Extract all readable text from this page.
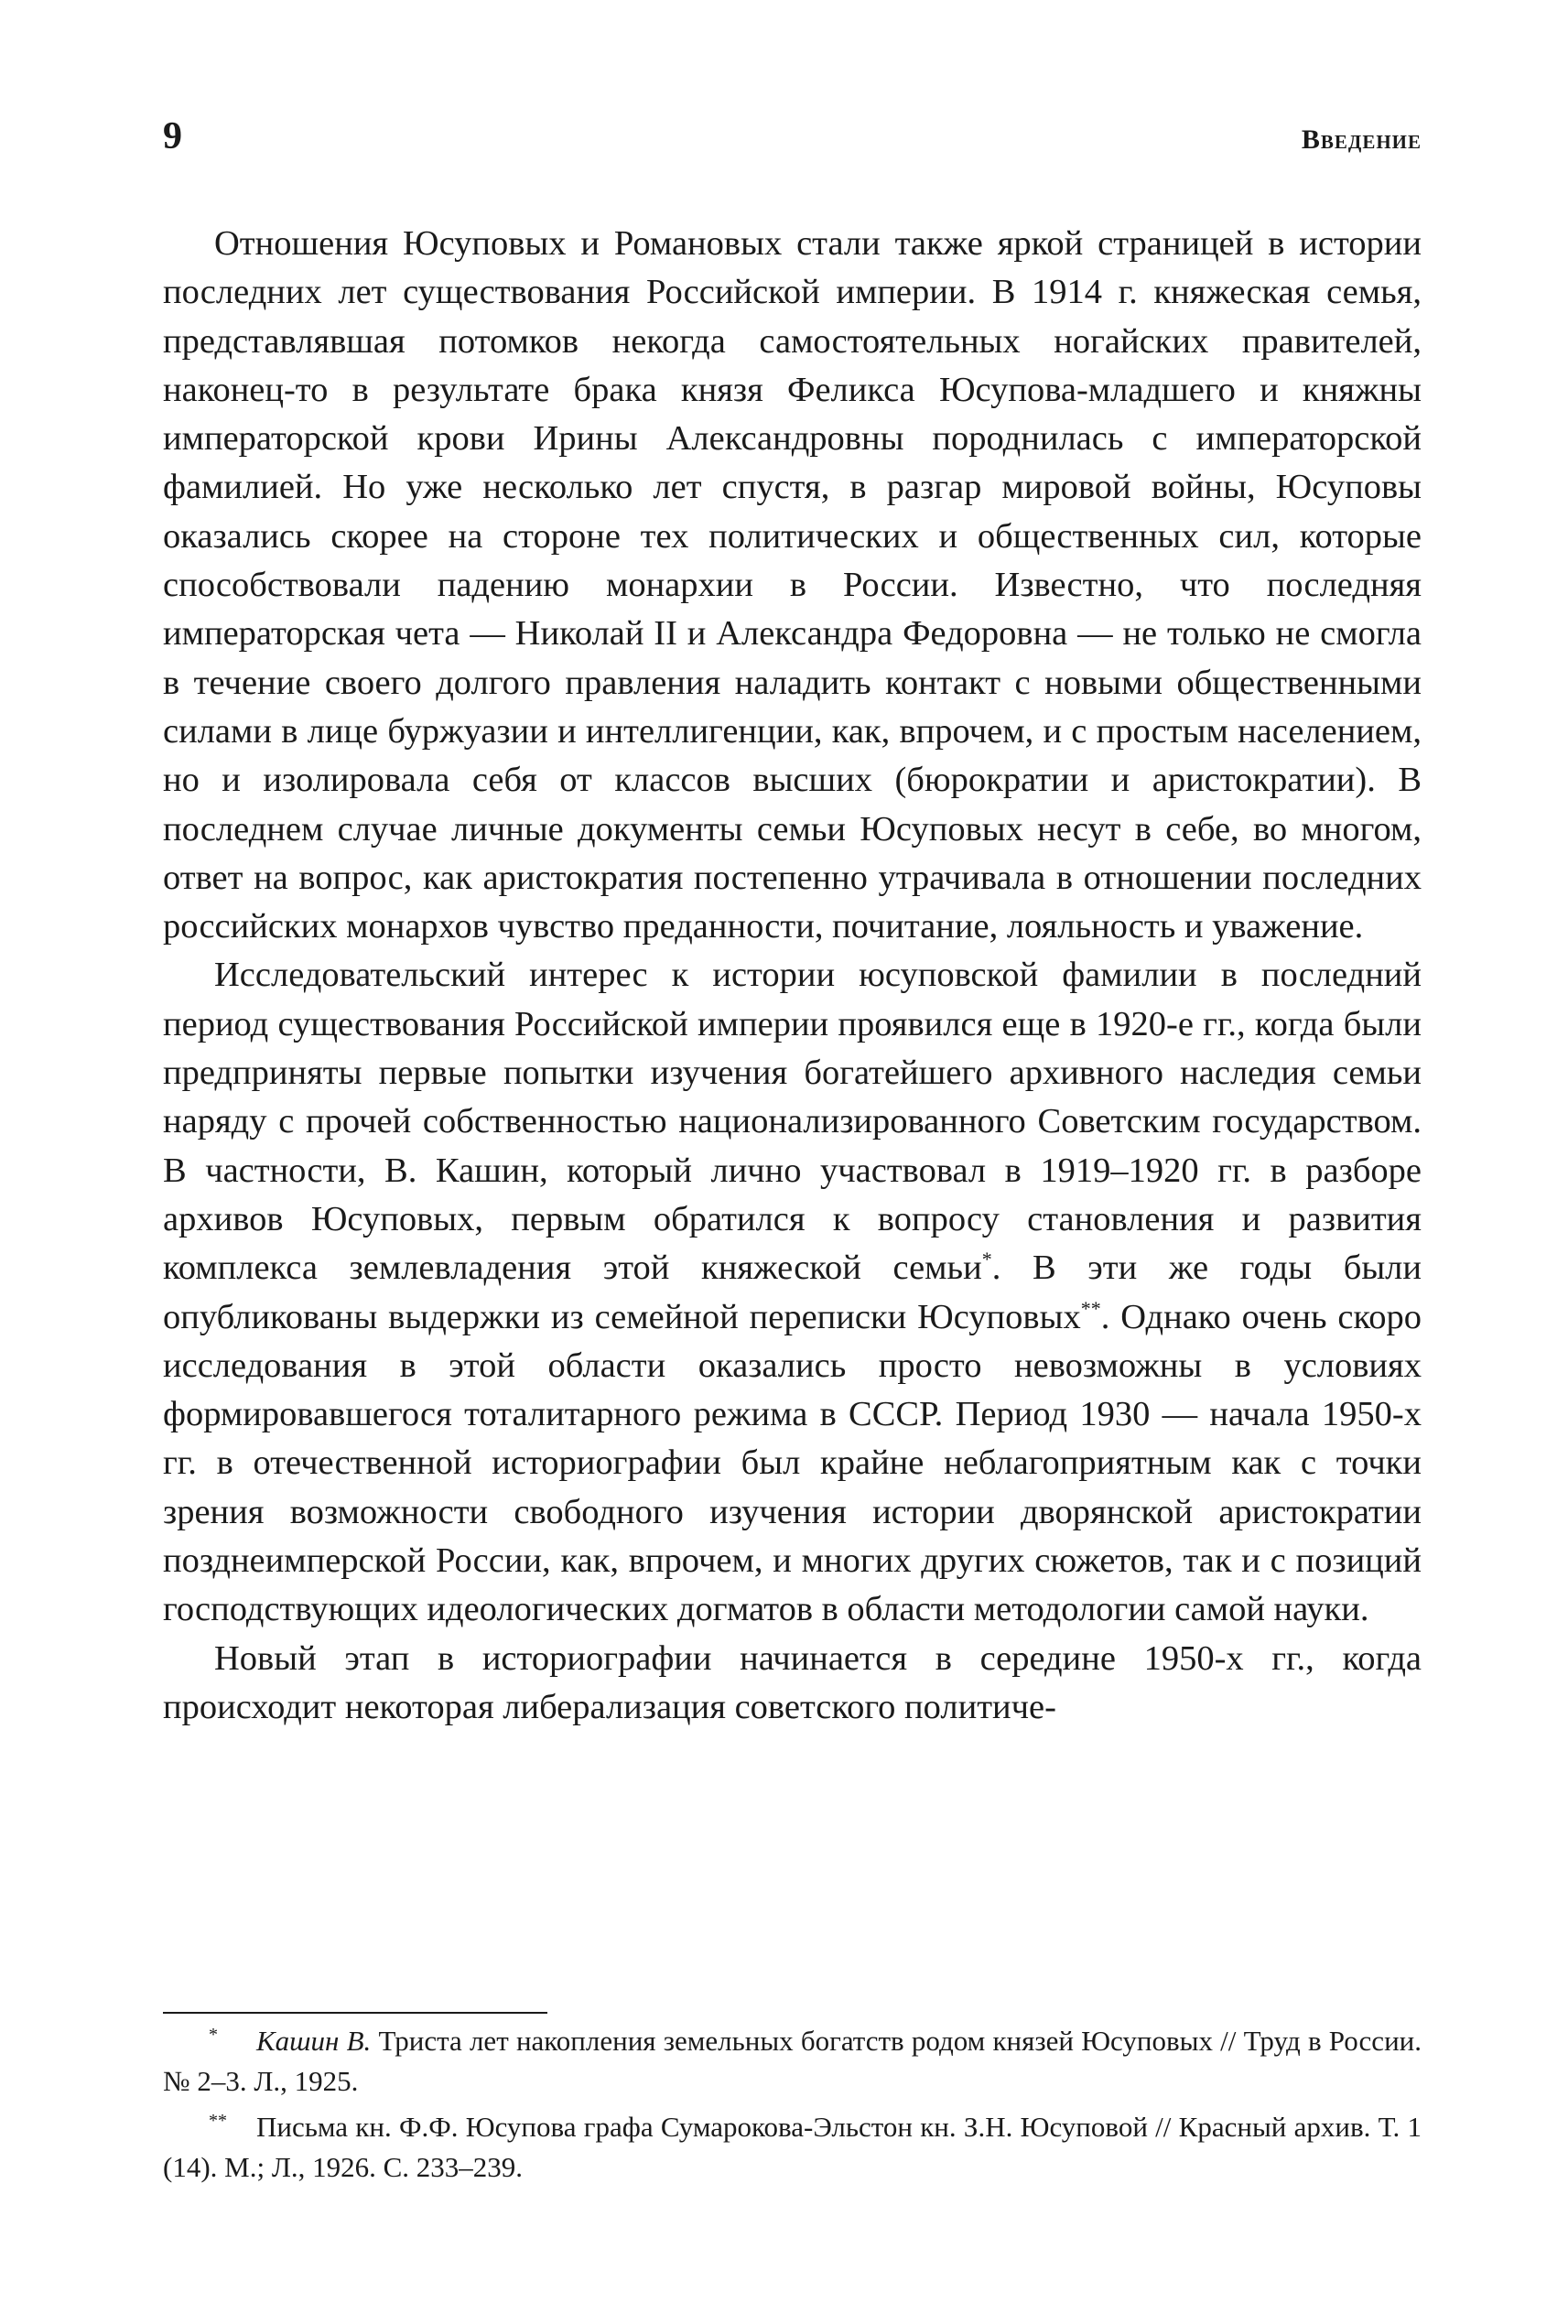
9	Введение

Отношения Юсуповых и Романовых стали также яркой страницей в истории последних лет существования Российской империи. В 1914 г. княжеская семья, представлявшая потомков некогда самостоятельных ногайских правителей, наконец-то в результате брака князя Феликса Юсупова-младшего и княжны императорской крови Ирины Александровны породнилась с императорской фамилией. Но уже несколько лет спустя, в разгар мировой войны, Юсуповы оказались скорее на стороне тех политических и общественных сил, которые способствовали падению монархии в России. Известно, что последняя императорская чета — Николай II и Александра Федоровна — не только не смогла в течение своего долгого правления наладить контакт с новыми общественными силами в лице буржуазии и интеллигенции, как, впрочем, и с простым населением, но и изолировала себя от классов высших (бюрократии и аристократии). В последнем случае личные документы семьи Юсуповых несут в себе, во многом, ответ на вопрос, как аристократия постепенно утрачивала в отношении последних российских монархов чувство преданности, почитание, лояльность и уважение.

Исследовательский интерес к истории юсуповской фамилии в последний период существования Российской империи проявился еще в 1920-е гг., когда были предприняты первые попытки изучения богатейшего архивного наследия семьи наряду с прочей собственностью национализированного Советским государством. В частности, В. Кашин, который лично участвовал в 1919–1920 гг. в разборе архивов Юсуповых, первым обратился к вопросу становления и развития комплекса землевладения этой княжеской семьи*. В эти же годы были опубликованы выдержки из семейной переписки Юсуповых**. Однако очень скоро исследования в этой области оказались просто невозможны в условиях формировавшегося тоталитарного режима в СССР. Период 1930 — начала 1950-х гг. в отечественной историографии был крайне неблагоприятным как с точки зрения возможности свободного изучения истории дворянской аристократии позднеимперской России, как, впрочем, и многих других сюжетов, так и с позиций господствующих идеологических догматов в области методологии самой науки.

Новый этап в историографии начинается в середине 1950-х гг., когда происходит некоторая либерализация советского политиче-

* Кашин В. Триста лет накопления земельных богатств родом князей Юсуповых // Труд в России. № 2–3. Л., 1925.

** Письма кн. Ф.Ф. Юсупова графа Сумарокова-Эльстон кн. З.Н. Юсуповой // Красный архив. Т. 1 (14). М.; Л., 1926. С. 233–239.
